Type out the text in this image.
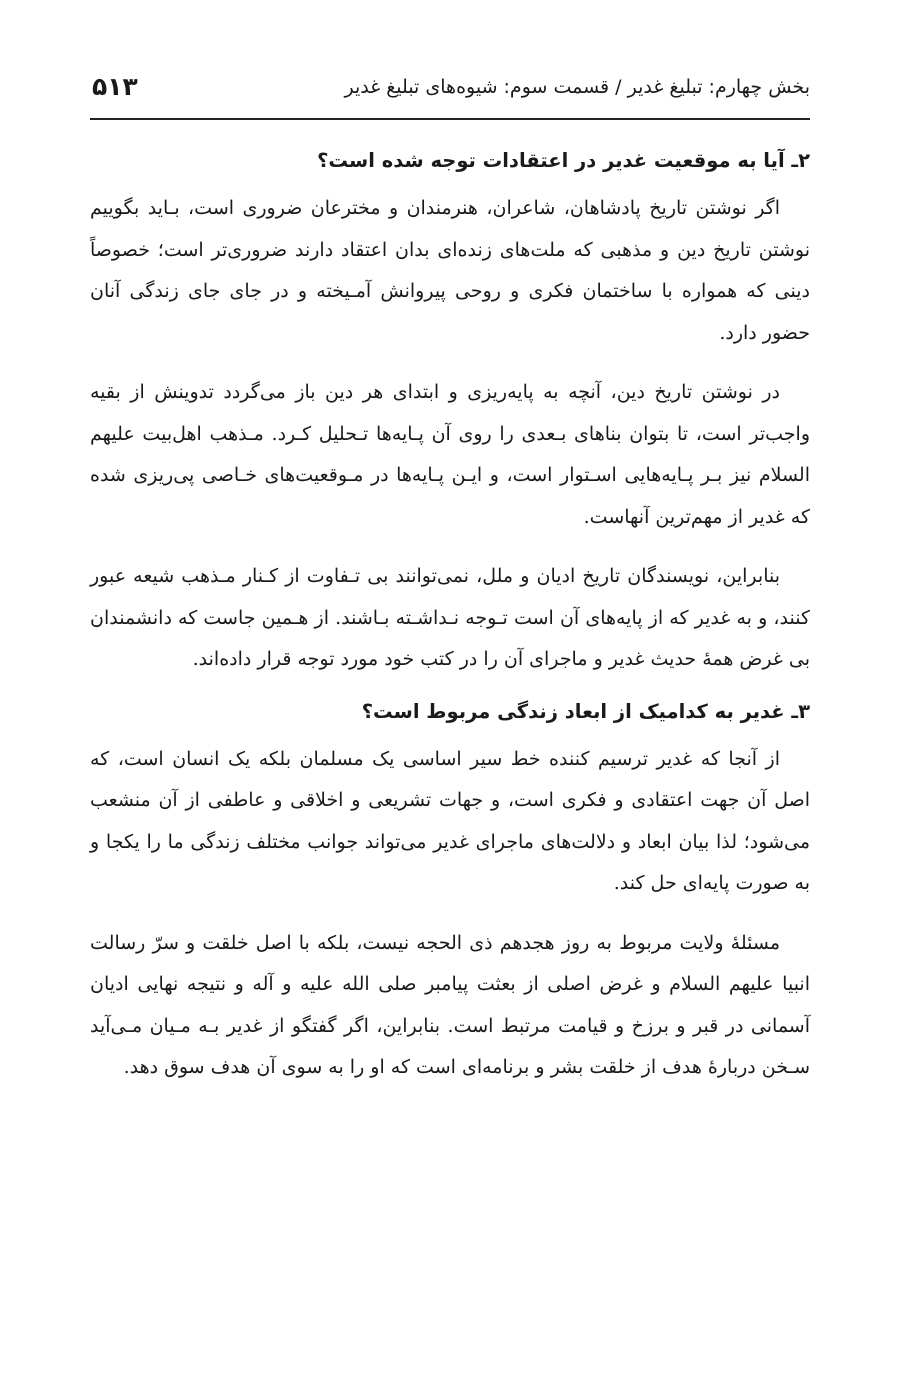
بخش چهارم: تبلیغ غدیر / قسمت سوم: شیوه‌های تبلیغ غدیر
۵۱۳
۲ـ آیا به موقعیت غدیر در اعتقادات توجه شده است؟

اگر نوشتن تاریخ پادشاهان، شاعران، هنرمندان و مخترعان ضروری است، بـاید بگوییم نوشتن تاریخ دین و مذهبی که ملت‌های زنده‌ای بدان اعتقاد دارند ضروری‌تر است؛ خصوصاً دینی که همواره با ساختمان فکری و روحی پیروانش آمـیخته و در جای جای زندگی آنان حضور دارد.

در نوشتن تاریخ دین، آنچه به پایه‌ریزی و ابتدای هر دین باز می‌گردد تدوینش از بقیه واجب‌تر است، تا بتوان بناهای بـعدی را روی آن پـایه‌ها تـحلیل کـرد. مـذهب اهل‌بیت علیهم السلام نیز بـر پـایه‌هایی اسـتوار است، و ایـن پـایه‌ها در مـوقعیت‌های خـاصی پی‌ریزی شده که غدیر از مهم‌ترین آنهاست.

بنابراین، نویسندگان تاریخ ادیان و ملل، نمی‌توانند بی تـفاوت از کـنار مـذهب شیعه عبور کنند، و به غدیر که از پایه‌های آن است تـوجه نـداشـته بـاشند. از هـمین جاست که دانشمندان بی غرض همهٔ حدیث غدیر و ماجرای آن را در کتب خود مورد توجه قرار داده‌اند.

۳ـ غدیر به کدامیک از ابعاد زندگی مربوط است؟

از آنجا که غدیر ترسیم کننده خط سیر اساسی یک مسلمان بلکه یک انسان است، که اصل آن جهت اعتقادی و فکری است، و جهات تشریعی و اخلاقی و عاطفی از آن منشعب می‌شود؛ لذا بیان ابعاد و دلالت‌های ماجرای غدیر می‌تواند جوانب مختلف زندگی ما را یکجا و به صورت پایه‌ای حل کند.

مسئلهٔ ولایت مربوط به روز هجدهم ذی الحجه نیست، بلکه با اصل خلقت و سرّ رسالت انبیا علیهم السلام و غرض اصلی از بعثت پیامبر صلی الله علیه و آله و نتیجه نهایی ادیان آسمانی در قبر و برزخ و قیامت مرتبط است. بنابراین، اگر گفتگو از غدیر بـه مـیان مـی‌آید سـخن دربارهٔ هدف از خلقت بشر و برنامه‌ای است که او را به سوی آن هدف سوق دهد.
